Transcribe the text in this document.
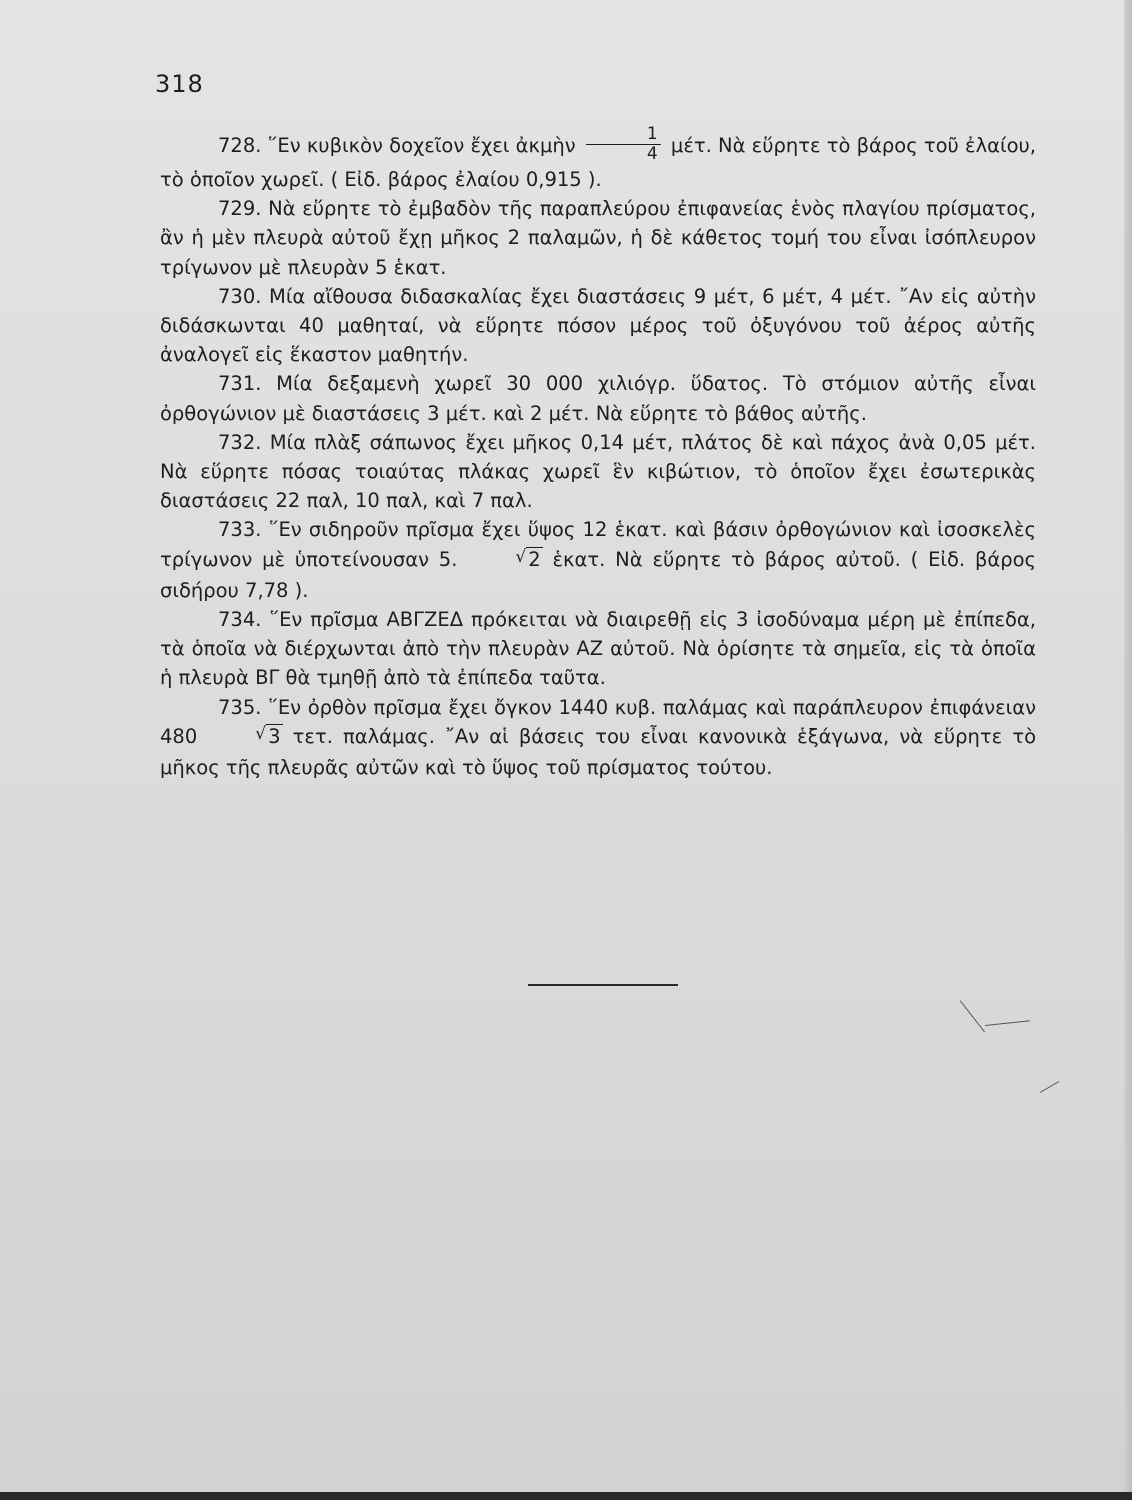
318

728. ῞Εν κυβικὸν δοχεῖον ἔχει ἀκμὴν $\frac{1}{4} \mu έ\tau$. Νὰ εὕρητε τὸ βάρος τοῦ ἐλαίου, τὸ ὁποῖον χωρεῖ. ( Εἰδ. βάρος ἐλαίου 0,915 ).

729. Νὰ εὕρητε τὸ ἐμβαδὸν τῆς παραπλεύρου ἐπιφανείας ἑνὸς πλαγίου πρίσματος, ἂν ἡ μὲν πλευρὰ αὐτοῦ ἔχῃ μῆκος 2 παλαμῶν, ἡ δὲ κάθετος τομή του εἶναι ἰσόπλευρον τρίγωνον μὲ πλευρὰν 5 ἑκατ.

730. Μία αἴθουσα διδασκαλίας ἔχει διαστάσεις 9 μέτ, 6 μέτ, 4 μέτ. ῎Αν εἰς αὐτὴν διδάσκωνται 40 μαθηταί, νὰ εὕρητε πόσον μέρος τοῦ ὀξυγόνου τοῦ ἀέρος αὐτῆς ἀναλογεῖ εἰς ἕκαστον μαθητήν.

731. Μία δεξαμενὴ χωρεῖ 30 000 χιλιόγρ. ὕδατος. Τὸ στόμιον αὐτῆς εἶναι ὀρθογώνιον μὲ διαστάσεις 3 μέτ. καὶ 2 μέτ. Νὰ εὕρητε τὸ βάθος αὐτῆς.

732. Μία πλὰξ σάπωνος ἔχει μῆκος 0,14 μέτ, πλάτος δὲ καὶ πάχος ἀνὰ 0,05 μέτ. Νὰ εὕρητε πόσας τοιαύτας πλάκας χωρεῖ ἓν κιβώτιον, τὸ ὁποῖον ἔχει ἐσωτερικὰς διαστάσεις 22 παλ, 10 παλ, καὶ 7 παλ.

733. ῞Εν σιδηροῦν πρῖσμα ἔχει ὕψος 12 ἑκατ. καὶ βάσιν ὀρθογώνιον καὶ ἰσοσκελὲς τρίγωνον μὲ ὑποτείνουσαν 5.	√ 2 ἑκατ. Νὰ εὕρητε τὸ βάρος αὐτοῦ. ( Εἰδ. βάρος σιδήρου 7,78 ).

734. ῞Εν πρῖσμα ΑΒΓΖΕΔ πρόκειται νὰ διαιρεθῇ εἰς 3 ἰσοδύναμα μέρη μὲ ἐπίπεδα, τὰ ὁποῖα νὰ διέρχωνται ἀπὸ τὴν πλευρὰν ΑΖ αὐτοῦ. Νὰ ὁρίσητε τὰ σημεῖα, εἰς τὰ ὁποῖα ἡ πλευρὰ ΒΓ θὰ τμηθῇ ἀπὸ τὰ ἐπίπεδα ταῦτα.

735. ῞Εν ὀρθὸν πρῖσμα ἔχει ὄγκον 1440 κυβ. παλάμας καὶ παράπλευρον ἐπιφάνειαν 480	√ 3 τετ. παλάμας. ῎Αν αἱ βάσεις του εἶναι κανονικὰ ἑξάγωνα, νὰ εὕρητε τὸ μῆκος τῆς πλευρᾶς αὐτῶν καὶ τὸ ὕψος τοῦ πρίσματος τούτου.
